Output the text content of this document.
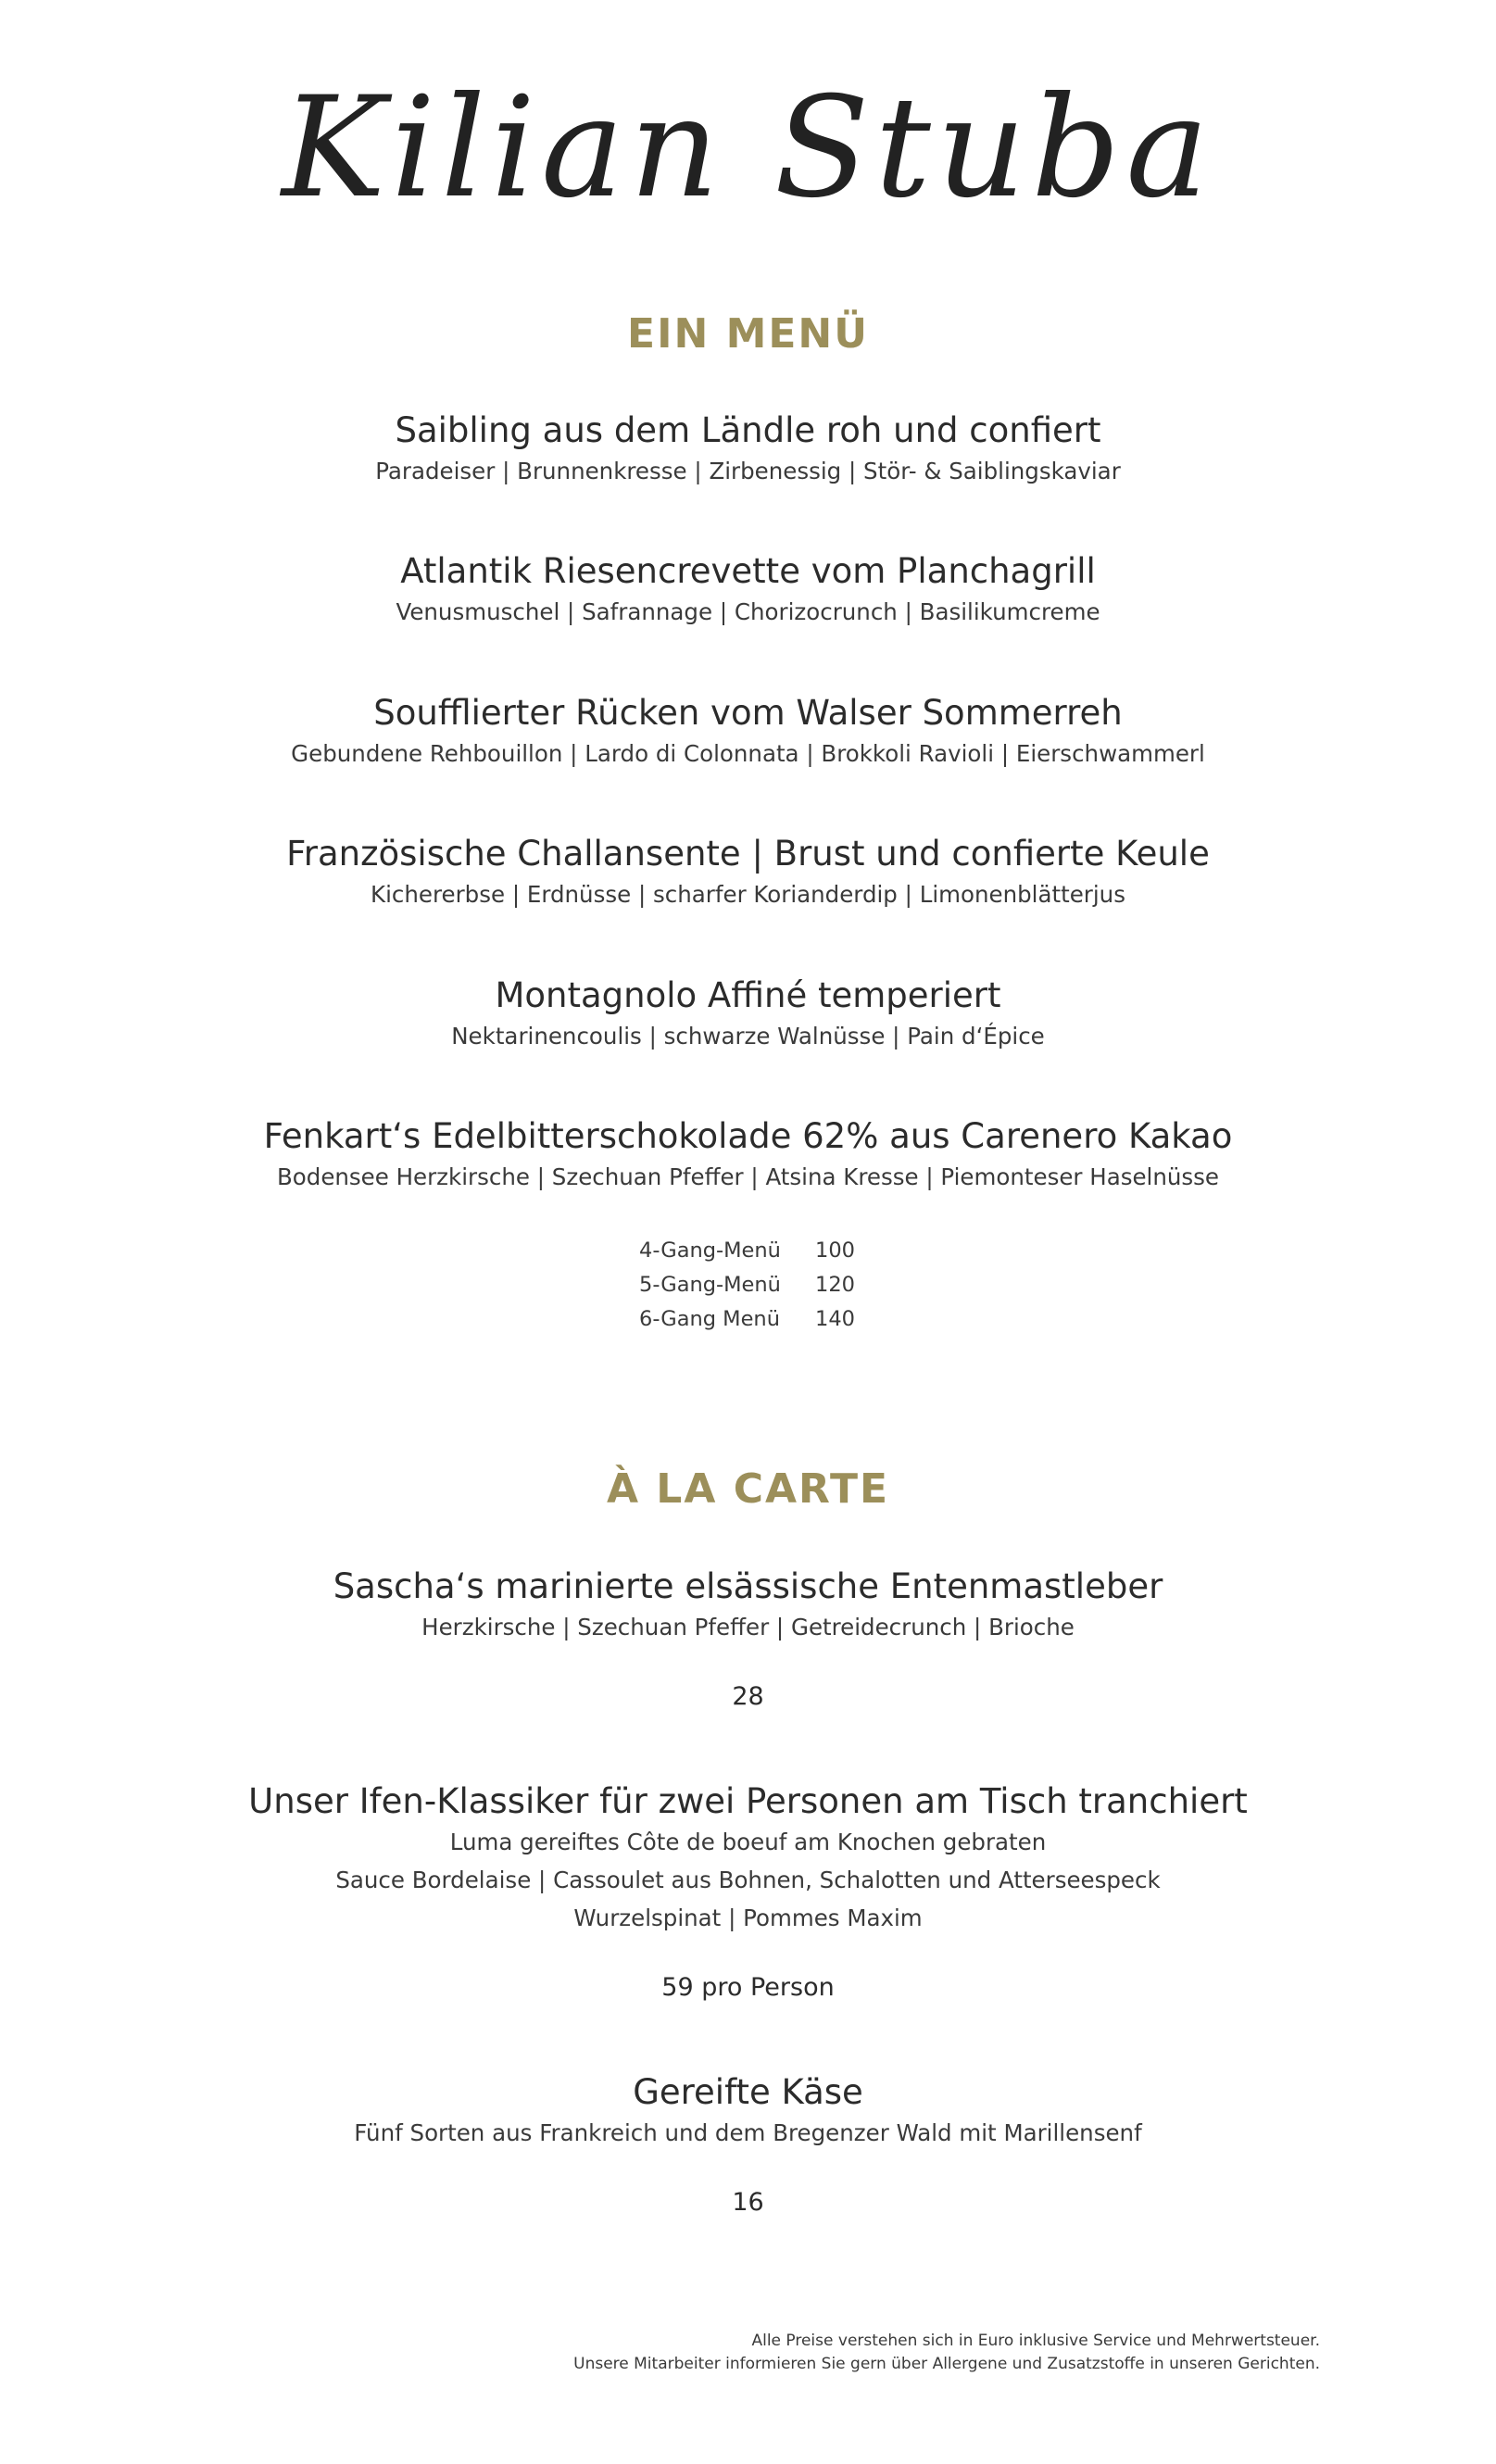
Kilian Stuba
EIN MENÜ

Saibling aus dem Ländle roh und confiert

Paradeiser | Brunnenkresse | Zirbenessig | Stör- & Saiblingskaviar

Atlantik Riesencrevette vom Planchagrill

Venusmuschel | Safrannage | Chorizocrunch | Basilikumcreme

Soufflierter Rücken vom Walser Sommerreh

Gebundene Rehbouillon | Lardo di Colonnata | Brokkoli Ravioli | Eierschwammerl

Französische Challansente | Brust und confierte Keule

Kichererbse | Erdnüsse | scharfer Korianderdip | Limonenblätterjus

Montagnolo Affiné temperiert

Nektarinencoulis | schwarze Walnüsse | Pain d‘Épice

Fenkart‘s Edelbitterschokolade 62% aus Carenero Kakao

Bodensee Herzkirsche | Szechuan Pfeffer | Atsina Kresse | Piemonteser Haselnüsse

4-Gang-Menü	100
5-Gang-Menü	120
6-Gang Menü	140
À LA CARTE

Sascha‘s marinierte elsässische Entenmastleber

Herzkirsche | Szechuan Pfeffer | Getreidecrunch | Brioche

28

Unser Ifen-Klassiker für zwei Personen am Tisch tranchiert

Luma gereiftes Côte de boeuf am Knochen gebraten

Sauce Bordelaise | Cassoulet aus Bohnen, Schalotten und Atterseespeck

Wurzelspinat | Pommes Maxim

59 pro Person

Gereifte Käse

Fünf Sorten aus Frankreich und dem Bregenzer Wald mit Marillensenf

16
Alle Preise verstehen sich in Euro inklusive Service und Mehrwertsteuer.
Unsere Mitarbeiter informieren Sie gern über Allergene und Zusatzstoffe in unseren Gerichten.
